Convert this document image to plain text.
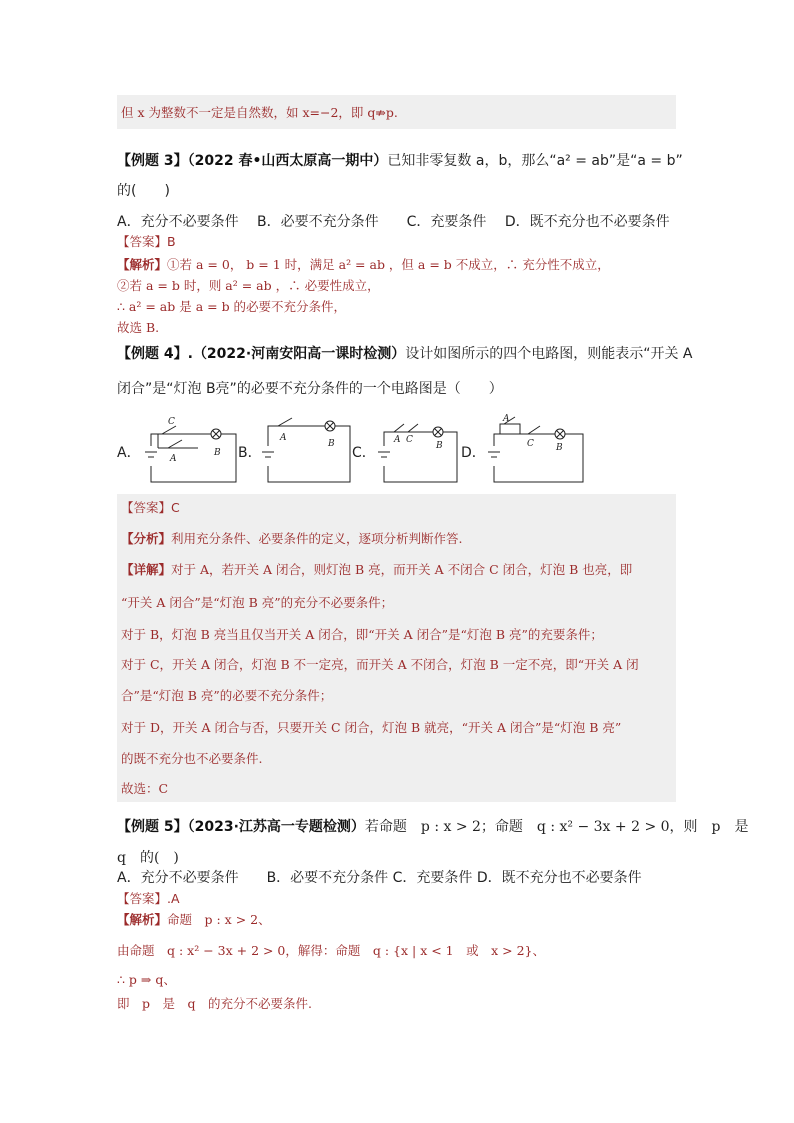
但 x 为整数不一定是自然数，如 x=−2，即 q⇏p.
【例题 3】（2022 春•山西太原高一期中）已知非零复数 a，b，那么“a² = ab”是“a = b”
的(　　)
A．充分不必要条件　 B．必要不充分条件　　C．充要条件　 D．既不充分也不必要条件
【答案】B
【解析】①若 a = 0， b = 1 时，满足 a² = ab ，但 a = b 不成立，∴ 充分性不成立，
②若 a = b 时，则 a² = ab ，∴ 必要性成立，
∴ a² = ab 是 a = b 的必要不充分条件，
故选 B.
【例题 4】.（2022·河南安阳高一课时检测）设计如图所示的四个电路图，则能表示“开关 A
闭合”是“灯泡 B亮”的必要不充分条件的一个电路图是（　　）
A．	B．	C．	D．
C
A
B
A
B	A C
B
A
C B
【答案】C
【分析】利用充分条件、必要条件的定义，逐项分析判断作答.
【详解】对于 A，若开关 A 闭合，则灯泡 B 亮，而开关 A 不闭合 C 闭合，灯泡 B 也亮，即
“开关 A 闭合”是“灯泡 B 亮”的充分不必要条件；
对于 B，灯泡 B 亮当且仅当开关 A 闭合，即“开关 A 闭合”是“灯泡 B 亮”的充要条件；
对于 C，开关 A 闭合，灯泡 B 不一定亮，而开关 A 不闭合，灯泡 B 一定不亮，即“开关 A 闭
合”是“灯泡 B 亮”的必要不充分条件；
对于 D，开关 A 闭合与否，只要开关 C 闭合，灯泡 B 就亮，“开关 A 闭合”是“灯泡 B 亮”
的既不充分也不必要条件.
故选：C
【例题 5】（2023·江苏高一专题检测）若命题　p : x > 2；命题　q : x² − 3x + 2 > 0，则　p　是
q　的(　)
A．充分不必要条件　　B．必要不充分条件 C．充要条件 D．既不充分也不必要条件
【答案】.A
【解析】命题　p : x > 2、
由命题　q : x² − 3x + 2 > 0，解得：命题　q : {x | x < 1　或　x > 2}、
∴ p ⇒ q、
即　p　是　q　的充分不必要条件.
